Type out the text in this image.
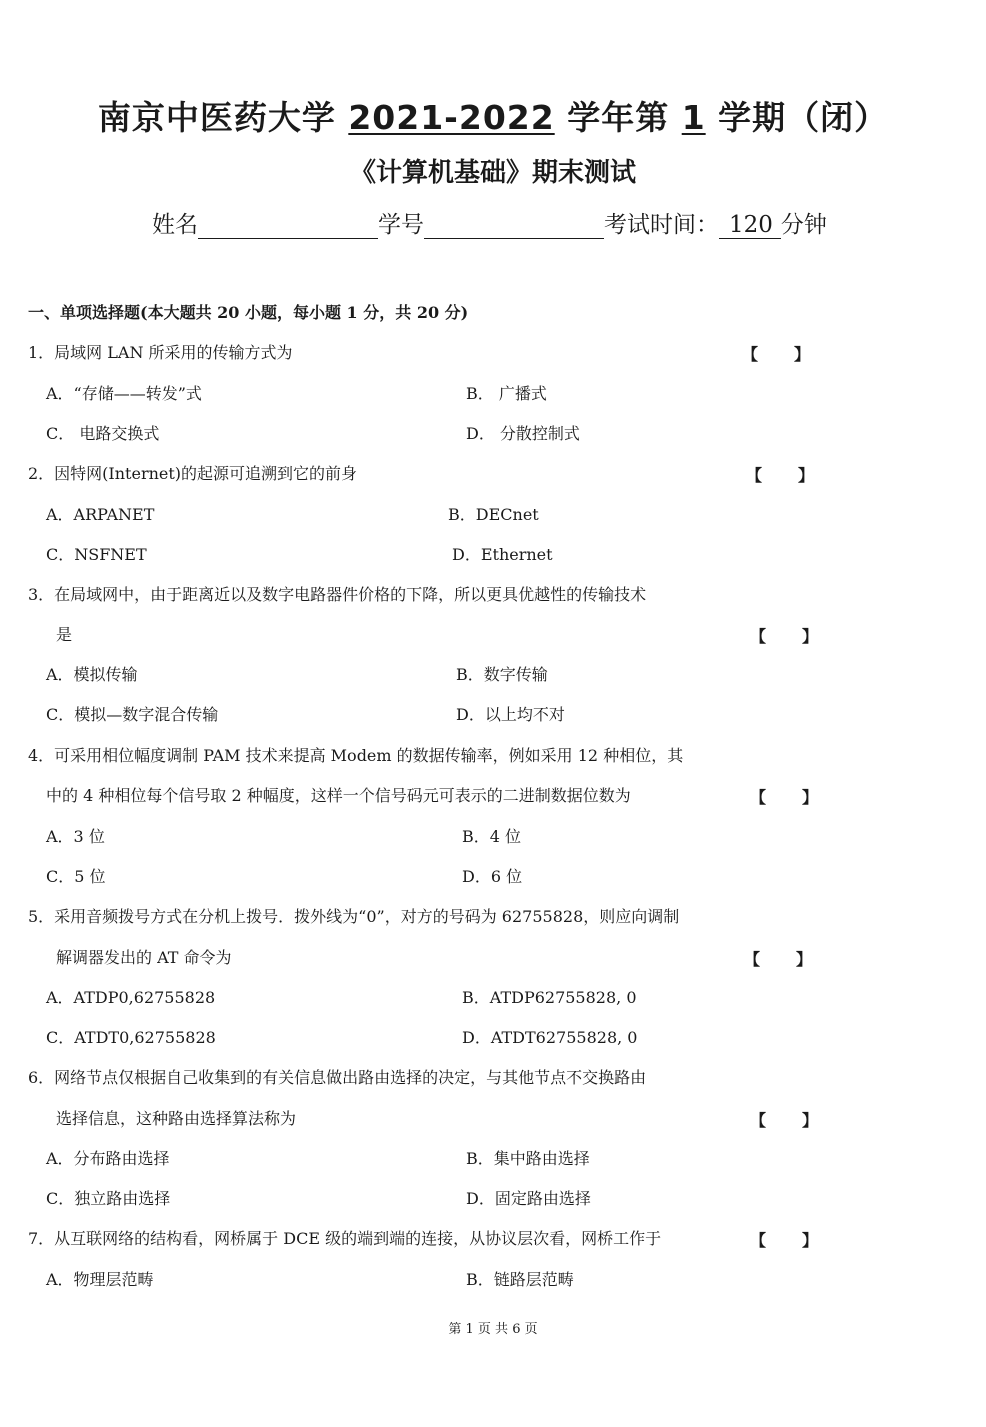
南京中医药大学 2021-2022 学年第 1 学期（闭）
《计算机基础》期末测试
姓名	学号	考试时间： 120 分钟
一、单项选择题(本大题共 20 小题，每小题 1 分，共 20 分)
1．局域网 LAN 所采用的传输方式为	【 】
A．“存储——转发”式	B． 广播式
C． 电路交换式	D． 分散控制式
2．因特网(Internet)的起源可追溯到它的前身	【 】
A．ARPANET	B．DECnet
C．NSFNET	D．Ethernet
3．在局域网中，由于距离近以及数字电路器件价格的下降，所以更具优越性的传输技术
是	【 】
A．模拟传输	B．数字传输
C．模拟—数字混合传输	D．以上均不对
4．可采用相位幅度调制 PAM 技术来提高 Modem 的数据传输率，例如采用 12 种相位，其
中的 4 种相位每个信号取 2 种幅度，这样一个信号码元可表示的二进制数据位数为	【 】
A．3 位	B．4 位
C．5 位	D．6 位
5．采用音频拨号方式在分机上拨号．拨外线为“0”，对方的号码为 62755828，则应向调制
解调器发出的 AT 命令为	【 】
A．ATDP0,62755828	B．ATDP62755828, 0
C．ATDT0,62755828	D．ATDT62755828, 0
6．网络节点仅根据自己收集到的有关信息做出路由选择的决定，与其他节点不交换路由
选择信息，这种路由选择算法称为	【 】
A．分布路由选择	B．集中路由选择
C．独立路由选择	D．固定路由选择
7．从互联网络的结构看，网桥属于 DCE 级的端到端的连接，从协议层次看，网桥工作于	【 】
A．物理层范畴	B．链路层范畴
第 1 页 共 6 页
